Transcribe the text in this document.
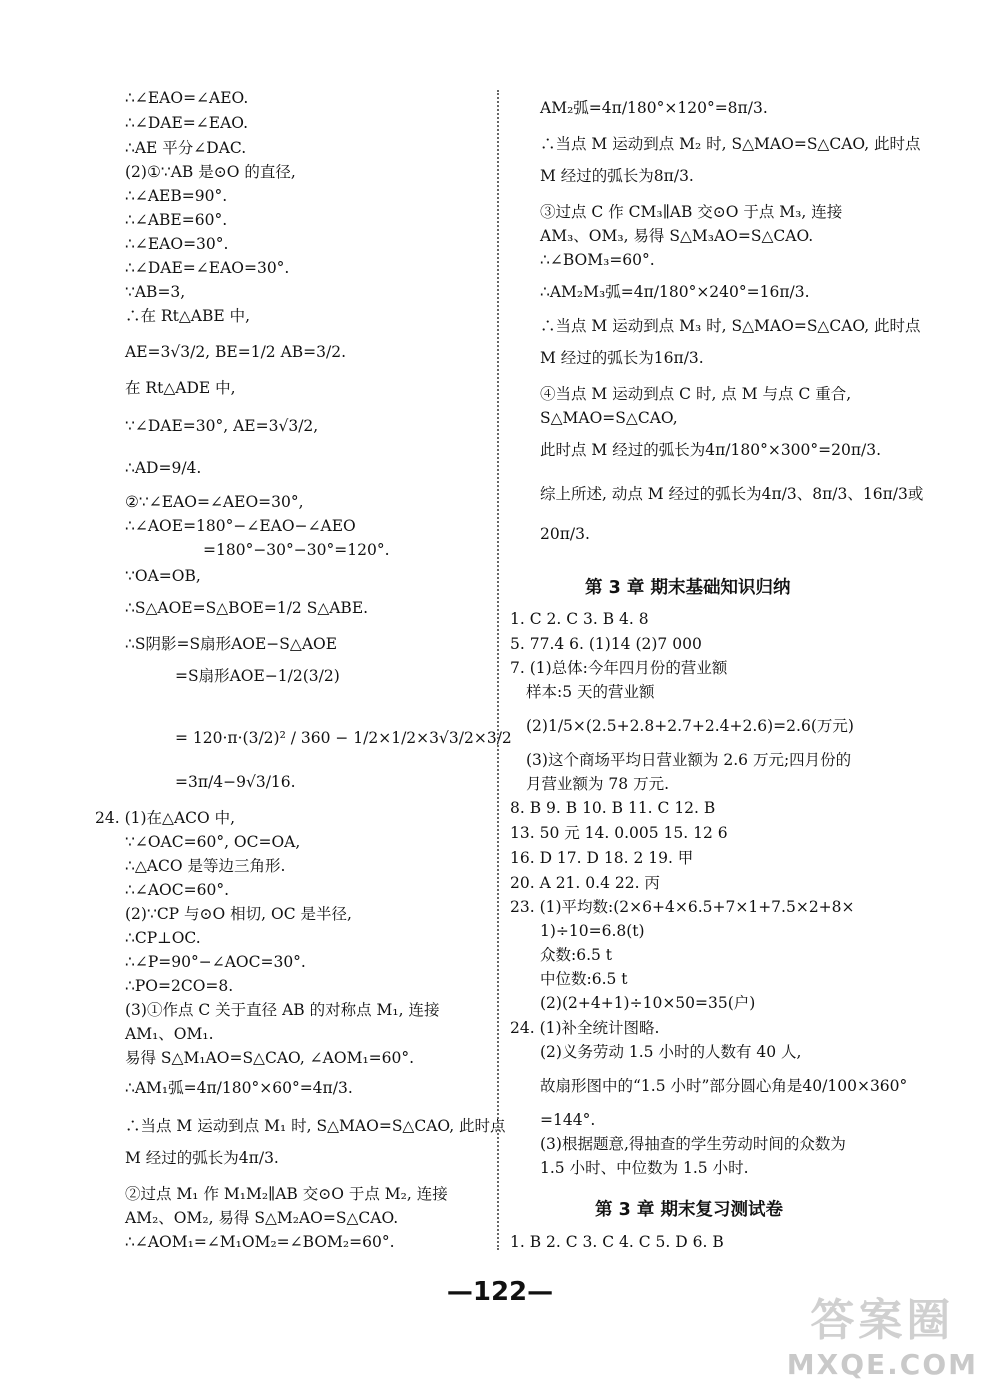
∴∠EAO=∠AEO.
∴∠DAE=∠EAO.
∴AE 平分∠DAC.
(2)①∵AB 是⊙O 的直径,
∴∠AEB=90°.
∴∠ABE=60°.
∴∠EAO=30°.
∴∠DAE=∠EAO=30°.
∵AB=3,
∴在 Rt△ABE 中,
AE=3√3/2, BE=1/2 AB=3/2.
在 Rt△ADE 中,
∵∠DAE=30°, AE=3√3/2,
∴AD=9/4.
②∵∠EAO=∠AEO=30°,
∴∠AOE=180°−∠EAO−∠AEO
=180°−30°−30°=120°.
∵OA=OB,
∴S△AOE=S△BOE=1/2 S△ABE.
∴S阴影=S扇形AOE−S△AOE
=S扇形AOE−1/2(3/2)
= 120·π·(3/2)² / 360 − 1/2×1/2×3√3/2×3/2
=3π/4−9√3/16.
24. (1)在△ACO 中,
∵∠OAC=60°, OC=OA,
∴△ACO 是等边三角形.
∴∠AOC=60°.
(2)∵CP 与⊙O 相切, OC 是半径,
∴CP⊥OC.
∴∠P=90°−∠AOC=30°.
∴PO=2CO=8.
(3)①作点 C 关于直径 AB 的对称点 M₁, 连接
AM₁、OM₁.
易得 S△M₁AO=S△CAO, ∠AOM₁=60°.
∴AM₁弧=4π/180°×60°=4π/3.
∴当点 M 运动到点 M₁ 时, S△MAO=S△CAO, 此时点
M 经过的弧长为4π/3.
②过点 M₁ 作 M₁M₂∥AB 交⊙O 于点 M₂, 连接
AM₂、OM₂, 易得 S△M₂AO=S△CAO.
∴∠AOM₁=∠M₁OM₂=∠BOM₂=60°.
AM₂弧=4π/180°×120°=8π/3.
∴当点 M 运动到点 M₂ 时, S△MAO=S△CAO, 此时点
M 经过的弧长为8π/3.
③过点 C 作 CM₃∥AB 交⊙O 于点 M₃, 连接
AM₃、OM₃, 易得 S△M₃AO=S△CAO.
∴∠BOM₃=60°.
∴AM₂M₃弧=4π/180°×240°=16π/3.
∴当点 M 运动到点 M₃ 时, S△MAO=S△CAO, 此时点
M 经过的弧长为16π/3.
④当点 M 运动到点 C 时, 点 M 与点 C 重合,
S△MAO=S△CAO,
此时点 M 经过的弧长为4π/180°×300°=20π/3.
综上所述, 动点 M 经过的弧长为4π/3、8π/3、16π/3或
20π/3.
1. C 2. C 3. B 4. 8
5. 77.4 6. (1)14 (2)7 000
7. (1)总体:今年四月份的营业额
样本:5 天的营业额
(2)1/5×(2.5+2.8+2.7+2.4+2.6)=2.6(万元)
(3)这个商场平均日营业额为 2.6 万元;四月份的
月营业额为 78 万元.
8. B 9. B 10. B 11. C 12. B
13. 50 元 14. 0.005 15. 12 6
16. D 17. D 18. 2 19. 甲
20. A 21. 0.4 22. 丙
23. (1)平均数:(2×6+4×6.5+7×1+7.5×2+8×
1)÷10=6.8(t)
众数:6.5 t
中位数:6.5 t
(2)(2+4+1)÷10×50=35(户)
24. (1)补全统计图略.
(2)义务劳动 1.5 小时的人数有 40 人,
故扇形图中的“1.5 小时”部分圆心角是40/100×360°
=144°.
(3)根据题意,得抽查的学生劳动时间的众数为
1.5 小时、中位数为 1.5 小时.
1. B 2. C 3. C 4. C 5. D 6. B
第 3 章 期末基础知识归纳
第 3 章 期末复习测试卷
—122—
答案圈
MXQE.COM
